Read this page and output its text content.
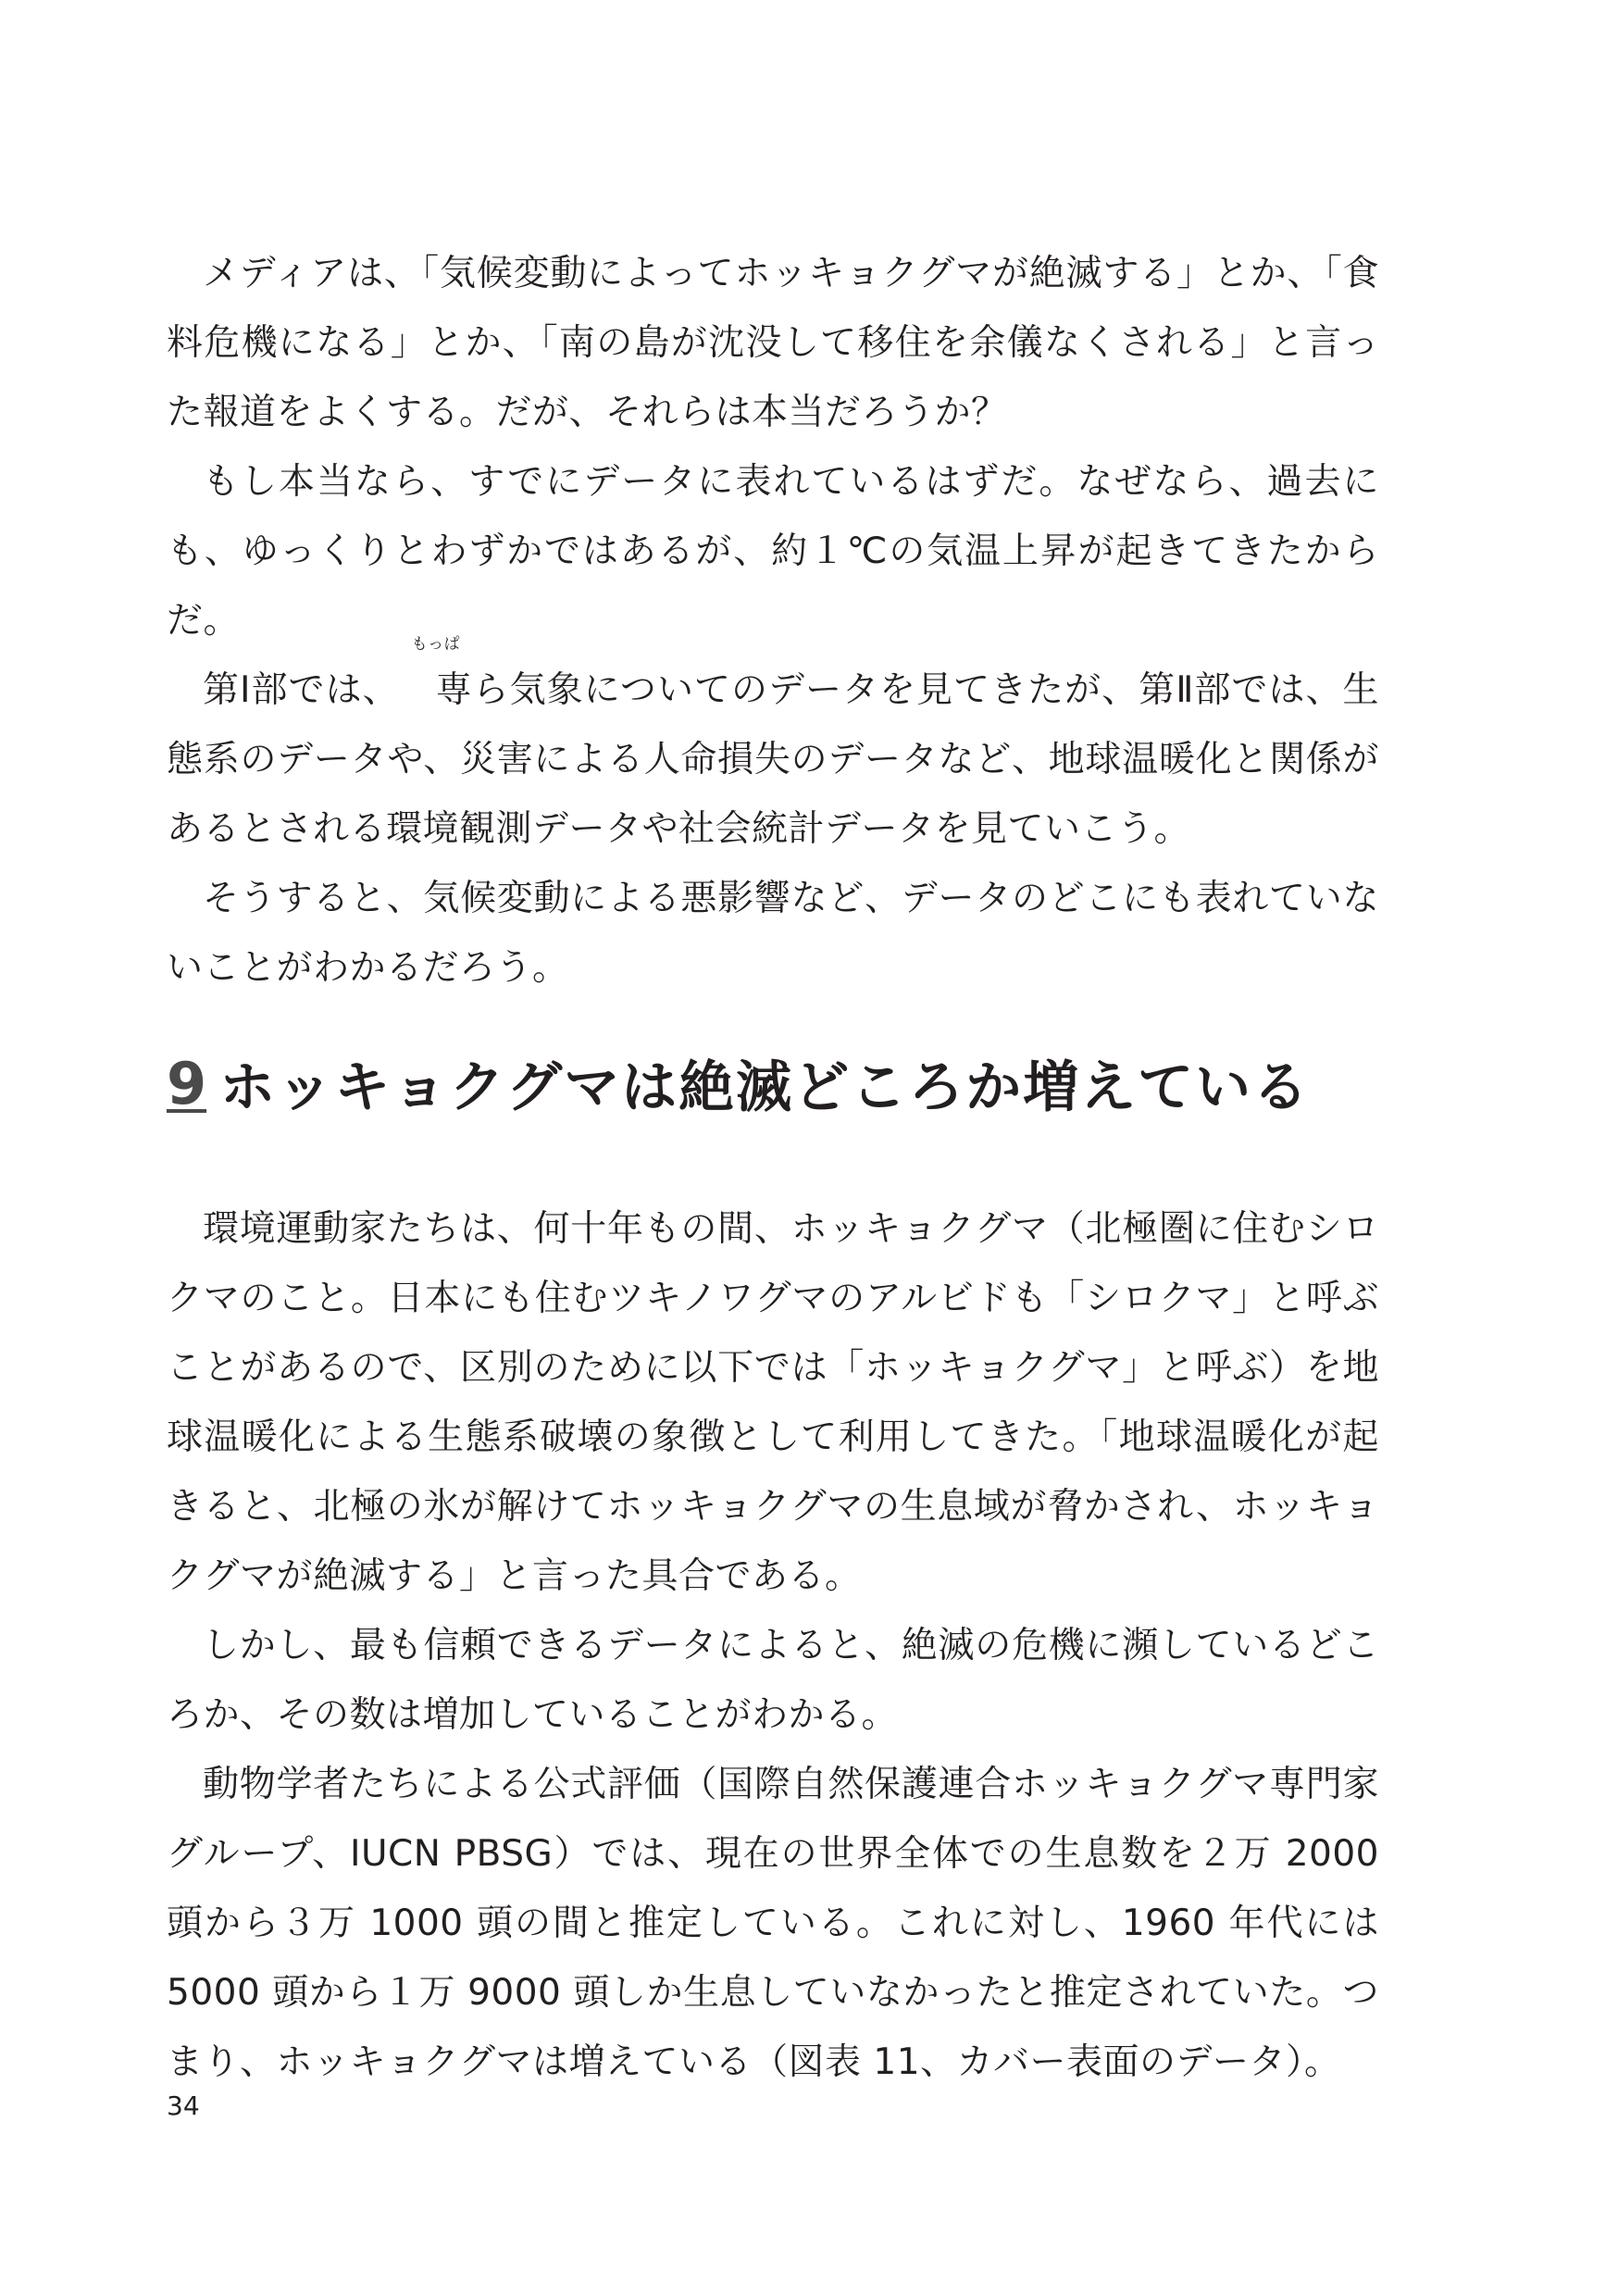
メディアは、「気候変動によってホッキョクグマが絶滅する」とか、「食料危機になる」とか、「南の島が沈没して移住を余儀なくされる」と言った報道をよくする。だが、それらは本当だろうか？

もし本当なら、すでにデータに表れているはずだ。なぜなら、過去にも、ゆっくりとわずかではあるが、約１℃の気温上昇が起きてきたからだ。

第Ⅰ部では、 専
もっぱ
ら気象についてのデータを見てきたが、第Ⅱ部では、生態系のデータや、災害による人命損失のデータなど、地球温暖化と関係があるとされる環境観測データや社会統計データを見ていこう。

そうすると、気候変動による悪影響など、データのどこにも表れていないことがわかるだろう。

9 ホッキョクグマは絶滅どころか増えている

環境運動家たちは、何十年もの間、ホッキョクグマ（北極圏に住むシロクマのこと。日本にも住むツキノワグマのアルビドも「シロクマ」と呼ぶことがあるので、区別のために以下では「ホッキョクグマ」と呼ぶ）を地球温暖化による生態系破壊の象徴として利用してきた。「地球温暖化が起きると、北極の氷が解けてホッキョクグマの生息域が脅かされ、ホッキョクグマが絶滅する」と言った具合である。

しかし、最も信頼できるデータによると、絶滅の危機に瀕しているどころか、その数は増加していることがわかる。

動物学者たちによる公式評価（国際自然保護連合ホッキョクグマ専門家グループ、IUCN PBSG）では、現在の世界全体での生息数を２万 2000 頭から３万 1000 頭の間と推定している。これに対し、1960 年代には 5000 頭から１万 9000 頭しか生息していなかったと推定されていた。つまり、ホッキョクグマは増えている（図表 11、カバー表面のデータ）。

34
